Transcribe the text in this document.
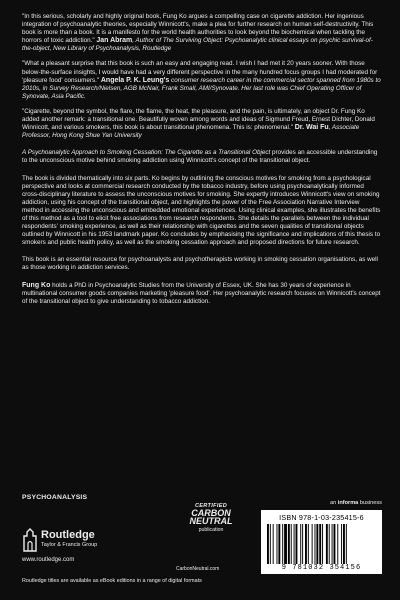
"In this serious, scholarly and highly original book, Fung Ko argues a compelling case on cigarette addiction. Her ingenious integration of psychoanalytic theories, especially Winnicott's, make a plea for further research on human self-destructivity. This book is more than a book. It is a manifesto for the world health authorities to look beyond the biochemical when tackling the horrors of toxic addiction." Jan Abram, Author of The Surviving Object: Psychoanalytic clinical essays on psychic survival-of-the-object, New Library of Psychoanalysis, Routledge

"What a pleasant surprise that this book is such an easy and engaging read. I wish I had met it 20 years sooner. With those below-the-surface insights, I would have had a very different perspective in the many hundred focus groups I had moderated for 'pleasure food' consumers." Angela P. K. Leung's consumer research career in the commercial sector spanned from 1980s to 2010s, in Survey Research/Nielsen, AGB McNair, Frank Small, AMI/Synovate. Her last role was Chief Operating Officer of Synovate, Asia Pacific.

"Cigarette, beyond the symbol, the flare, the flame, the heat, the pleasure, and the pain, is ultimately, an object Dr. Fung Ko added another remark: a transitional one. Beautifully woven among words and ideas of Sigmund Freud, Ernest Dichter, Donald Winnicott, and various smokers, this book is about transitional phenomena. This is: phenomenal." Dr. Wai Fu, Associate Professor, Hong Kong Shue Yan University

A Psychoanalytic Approach to Smoking Cessation: The Cigarette as a Transitional Object provides an accessible understanding to the unconscious motive behind smoking addiction using Winnicott's concept of the transitional object.

The book is divided thematically into six parts. Ko begins by outlining the conscious motives for smoking from a psychological perspective and looks at commercial research conducted by the tobacco industry, before using psychoanalytically informed cross-disciplinary literature to assess the unconscious motives for smoking. She expertly introduces Winnicott's view on smoking addiction, using his concept of the transitional object, and highlights the power of the Free Association Narrative Interview method in accessing the unconscious and embedded emotional experiences. Using clinical examples, she illustrates the benefits of this method as a tool to elicit free associations from research respondents. She details the parallels between the individual respondents' smoking experience, as well as their relationship with cigarettes and the seven qualities of transitional objects outlined by Winnicott in his 1953 landmark paper. Ko concludes by emphasising the significance and implications of this thesis to smokers and public health policy, as well as the smoking cessation approach and proposed directions for future research.

This book is an essential resource for psychoanalysts and psychotherapists working in smoking cessation organisations, as well as those working in addiction services.

Fung Ko holds a PhD in Psychoanalytic Studies from the University of Essex, UK. She has 30 years of experience in multinational consumer goods companies marketing 'pleasure food'. Her psychoanalytic research focuses on Winnicott's concept of the transitional object to give understanding to tobacco addiction.

PSYCHOANALYSIS
Routledge
Taylor & Francis Group
www.routledge.com
Routledge titles are available as eBook editions in a range of digital formats
CERTIFIED
CARBON
NEUTRAL
publication
CarbonNeutral.com
an informa business
ISBN 978-1-03-235415-6
9 781032 354156
